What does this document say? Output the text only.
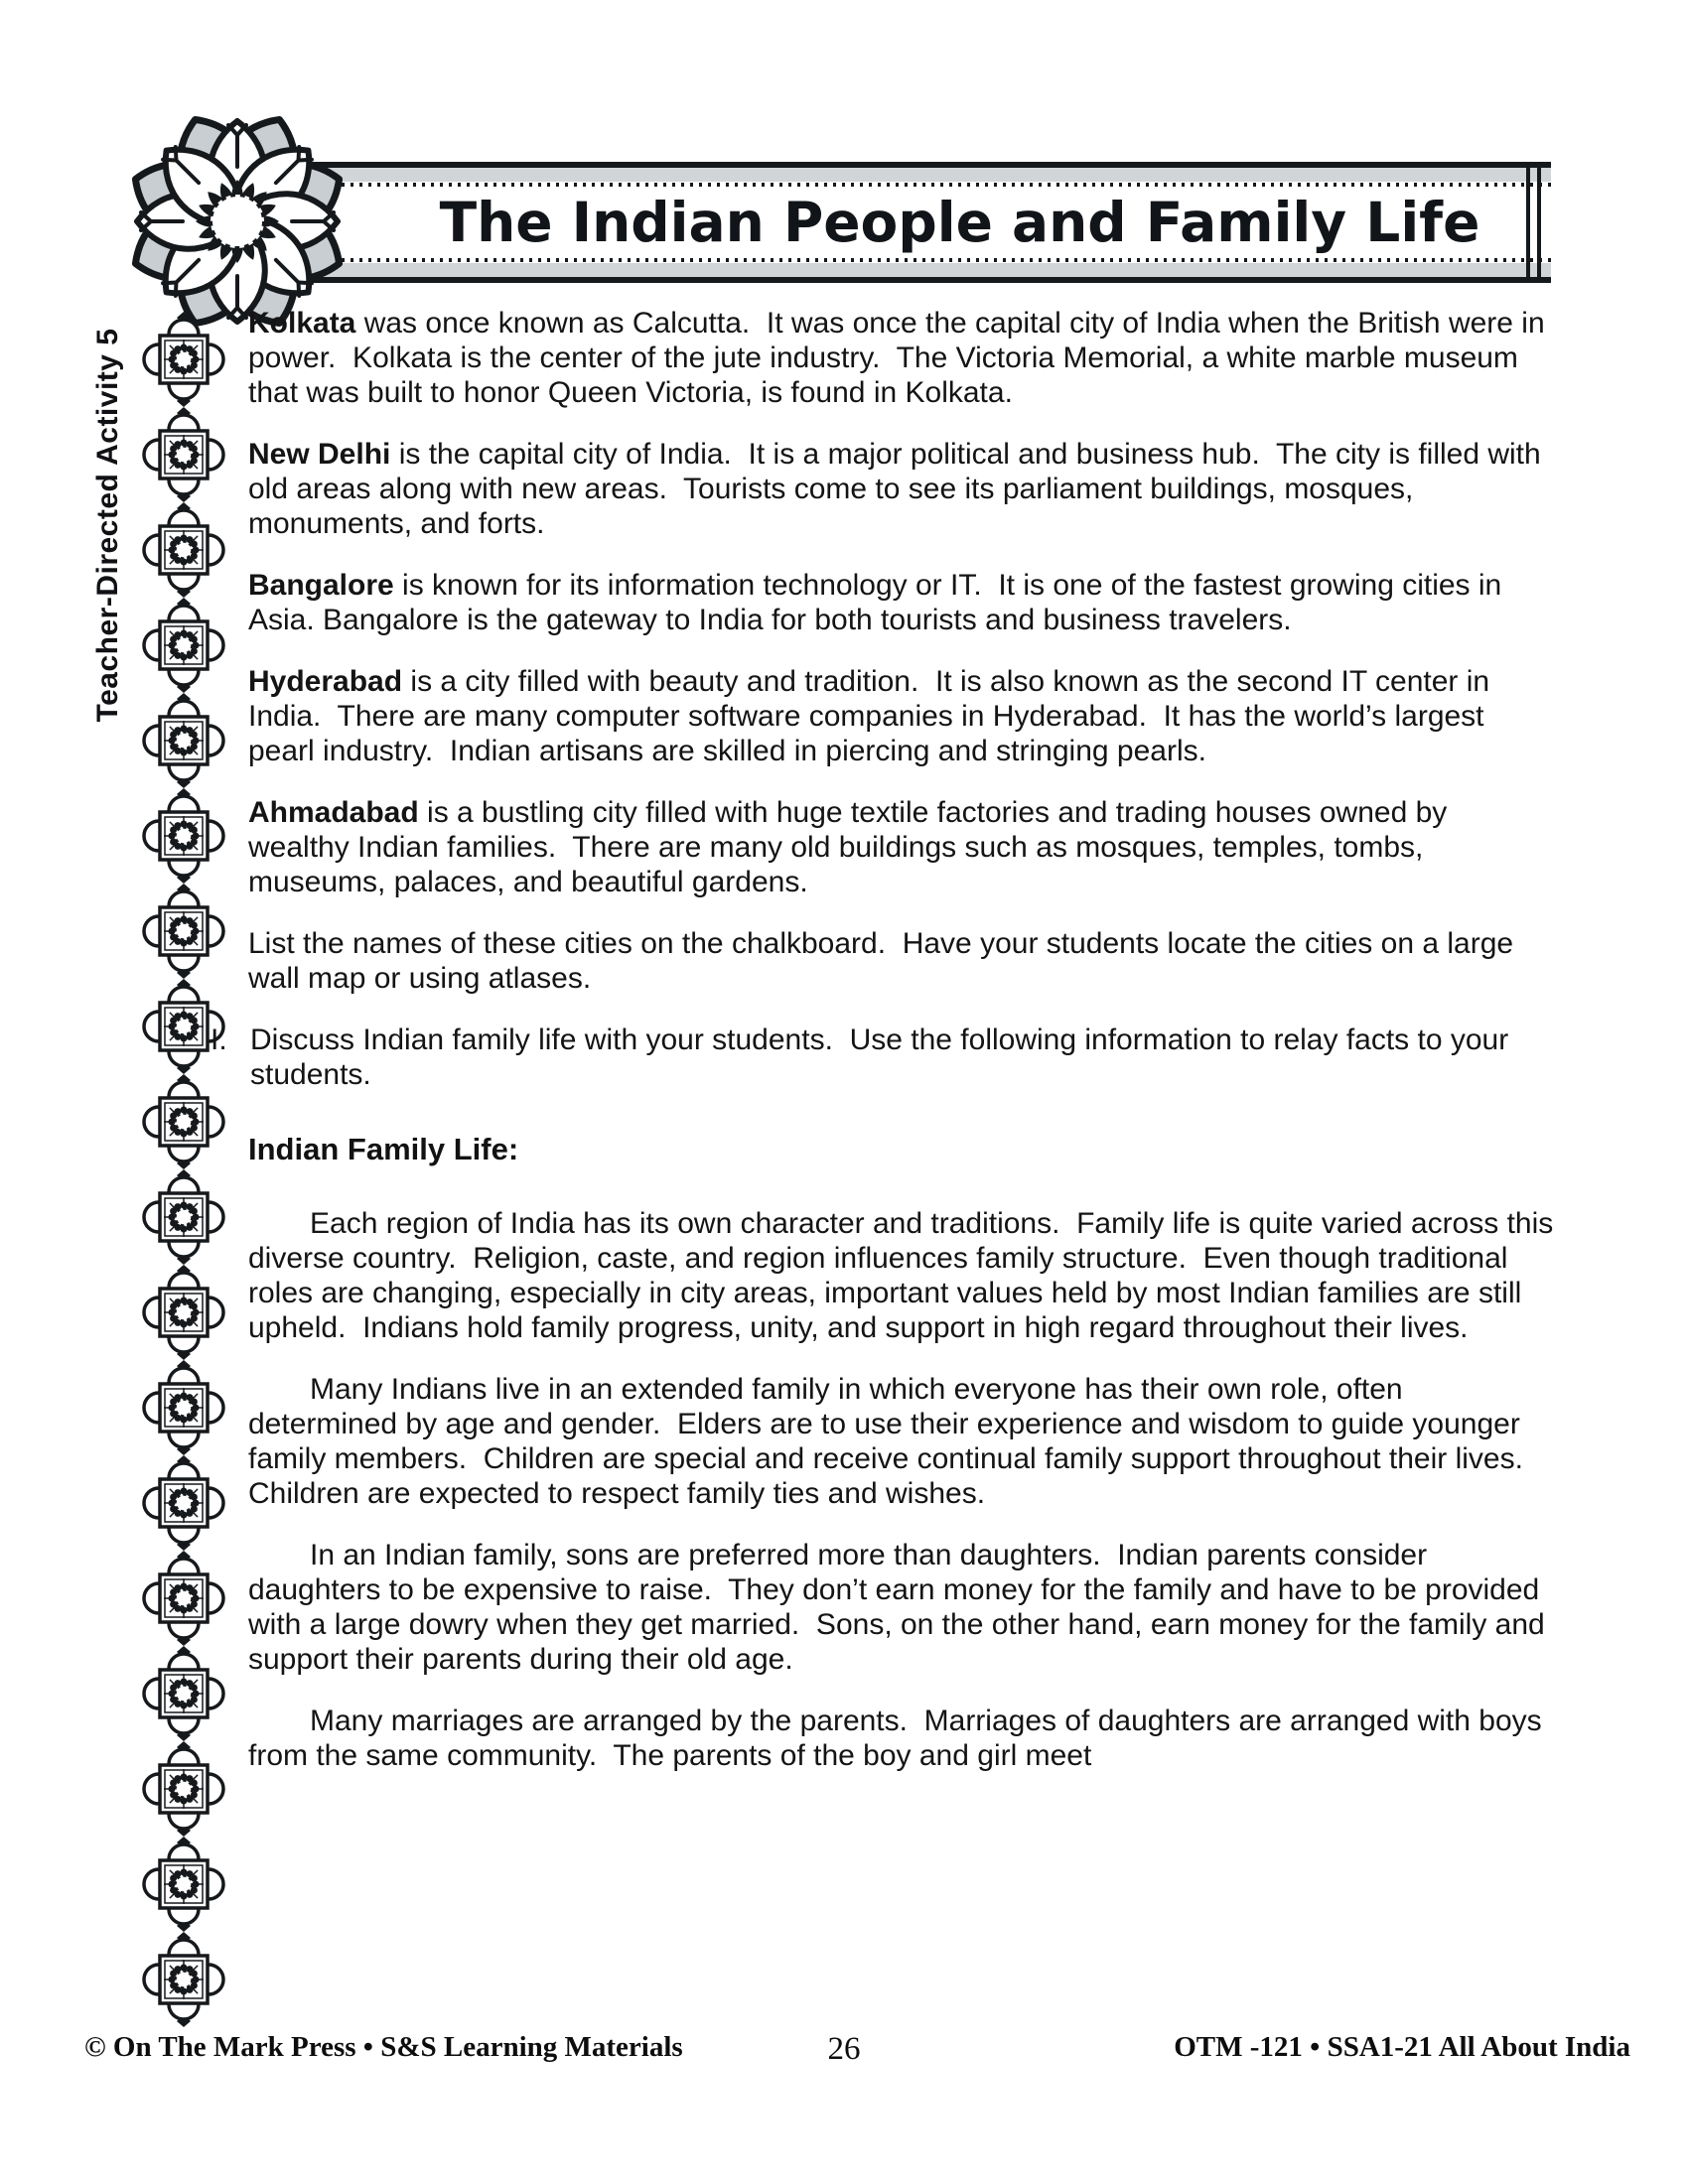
The Indian People and Family Life
Teacher-Directed Activity 5

Kolkata was once known as Calcutta.  It was once the capital city of India when the British were in power.  Kolkata is the center of the jute industry.  The Victoria Memorial, a white marble museum that was built to honor Queen Victoria, is found in Kolkata.

New Delhi is the capital city of India.  It is a major political and business hub.  The city is filled with old areas along with new areas.  Tourists come to see its parliament buildings, mosques, monuments, and forts.

Bangalore is known for its information technology or IT.  It is one of the fastest growing cities in Asia. Bangalore is the gateway to India for both tourists and business travelers.

Hyderabad is a city filled with beauty and tradition.  It is also known as the second IT center in India.  There are many computer software companies in Hyderabad.  It has the world’s largest pearl industry.  Indian artisans are skilled in piercing and stringing pearls.

Ahmadabad is a bustling city filled with huge textile factories and trading houses owned by wealthy Indian families.  There are many old buildings such as mosques, temples, tombs, museums, palaces, and beautiful gardens.

List the names of these cities on the chalkboard.  Have your students locate the cities on a large wall map or using atlases.

I. Discuss Indian family life with your students.  Use the following information to relay facts to your students.
Indian Family Life:

Each region of India has its own character and traditions.  Family life is quite varied across this diverse country.  Religion, caste, and region influences family structure.  Even though traditional roles are changing, especially in city areas, important values held by most Indian families are still upheld.  Indians hold family progress, unity, and support in high regard throughout their lives.

Many Indians live in an extended family in which everyone has their own role, often determined by age and gender.  Elders are to use their experience and wisdom to guide younger family members.  Children are special and receive continual family support throughout their lives.  Children are expected to respect family ties and wishes.

In an Indian family, sons are preferred more than daughters.  Indian parents consider daughters to be expensive to raise.  They don’t earn money for the family and have to be provided with a large dowry when they get married.  Sons, on the other hand, earn money for the family and support their parents during their old age.

Many marriages are arranged by the parents.  Marriages of daughters are arranged with boys from the same community.  The parents of the boy and girl meet

© On The Mark Press • S&S Learning Materials	26	OTM -121 • SSA1-21 All About India
